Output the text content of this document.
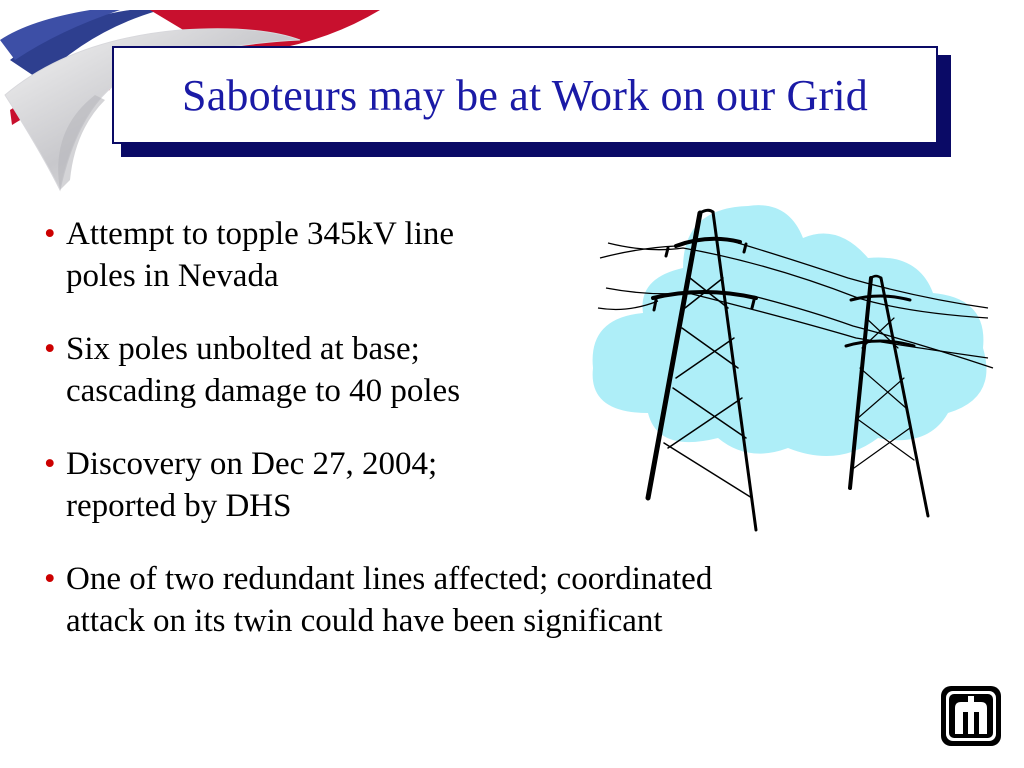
Saboteurs may be at Work on our Grid
• Attempt to topple 345kV line
poles in Nevada
• Six poles unbolted at base;
cascading damage to 40 poles
• Discovery on Dec 27, 2004;
reported by DHS
• One of two redundant lines affected; coordinated
attack on its twin could have been significant
